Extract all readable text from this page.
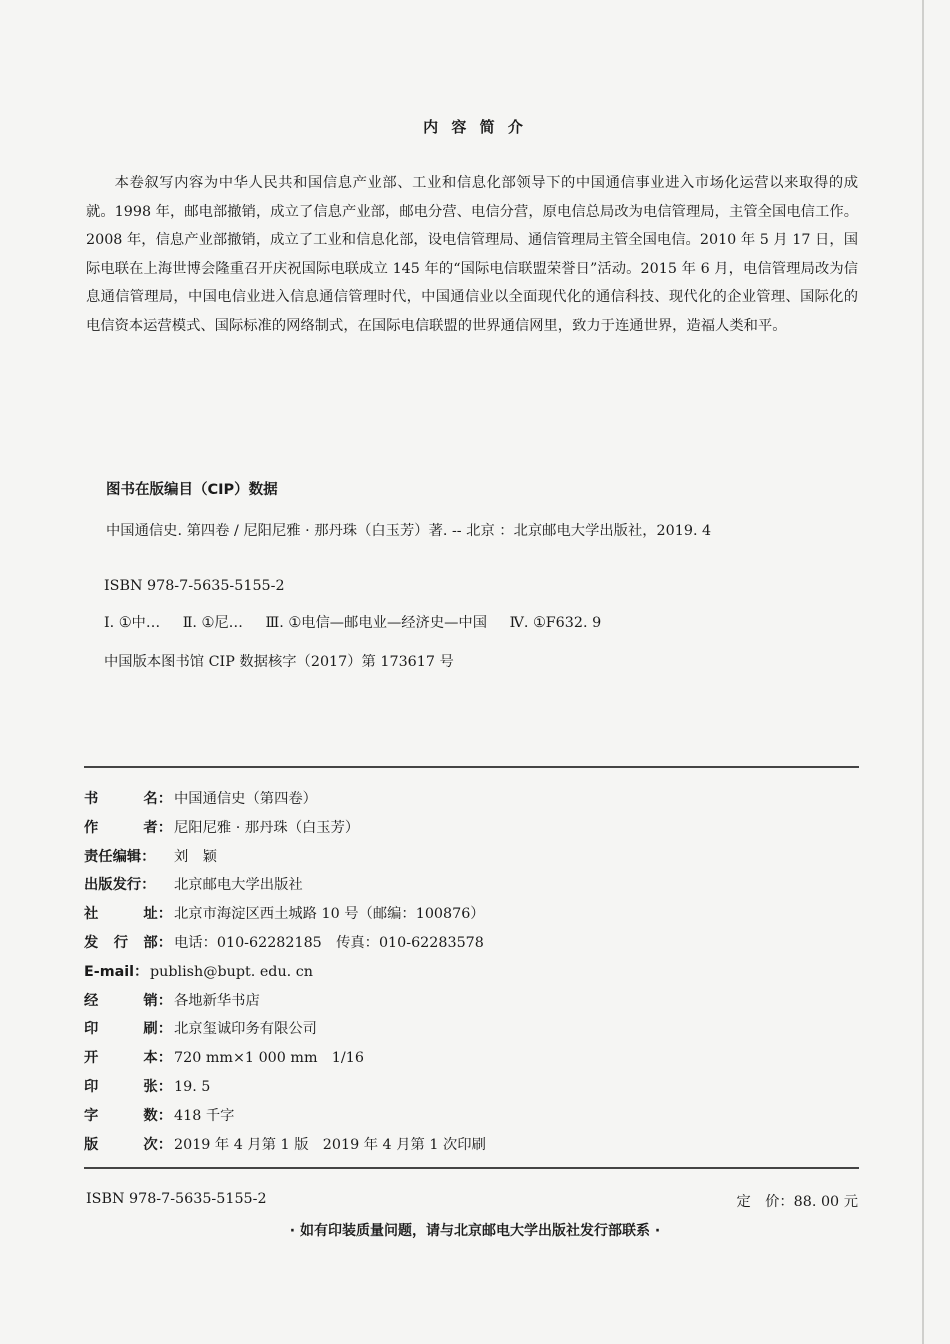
内 容 简 介

本卷叙写内容为中华人民共和国信息产业部、工业和信息化部领导下的中国通信事业进入市场化运营以来取得的成就。1998 年，邮电部撤销，成立了信息产业部，邮电分营、电信分营，原电信总局改为电信管理局，主管全国电信工作。2008 年，信息产业部撤销，成立了工业和信息化部，设电信管理局、通信管理局主管全国电信。2010 年 5 月 17 日，国际电联在上海世博会隆重召开庆祝国际电联成立 145 年的“国际电信联盟荣誉日”活动。2015 年 6 月，电信管理局改为信息通信管理局，中国电信业进入信息通信管理时代，中国通信业以全面现代化的通信科技、现代化的企业管理、国际化的电信资本运营模式、国际标准的网络制式，在国际电信联盟的世界通信网里，致力于连通世界，造福人类和平。

图书在版编目（CIP）数据

中国通信史. 第四卷 / 尼阳尼雅 · 那丹珠（白玉芳）著. -- 北京 ：北京邮电大学出版社，2019. 4

ISBN 978-7-5635-5155-2
Ⅰ. ①中… Ⅱ. ①尼… Ⅲ. ①电信—邮电业—经济史—中国 Ⅳ. ①F632. 9
中国版本图书馆 CIP 数据核字（2017）第 173617 号
书	名： 中国通信史（第四卷）
作	者： 尼阳尼雅 · 那丹珠（白玉芳）
责任编辑： 刘　颖
出版发行： 北京邮电大学出版社
社	址： 北京市海淀区西土城路 10 号（邮编：100876）
发 行 部： 电话：010-62282185　传真：010-62283578
E-mail： publish@bupt. edu. cn
经	销： 各地新华书店
印	刷： 北京玺诚印务有限公司
开	本： 720 mm×1 000 mm　1/16
印	张： 19. 5
字	数： 418 千字
版	次： 2019 年 4 月第 1 版　2019 年 4 月第 1 次印刷
ISBN 978-7-5635-5155-2	定　价：88. 00 元
· 如有印装质量问题，请与北京邮电大学出版社发行部联系 ·
